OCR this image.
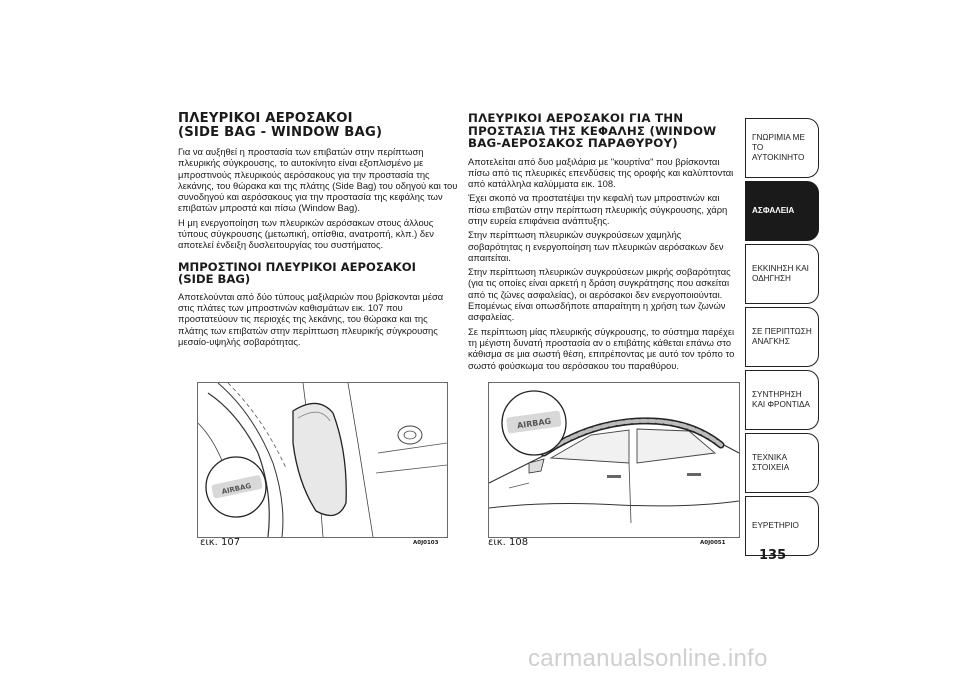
ΠΛΕΥΡΙΚΟΙ ΑΕΡΟΣΑΚΟΙ
(SIDE BAG - WINDOW BAG)

Για να αυξηθεί η προστασία των επιβατών στην περίπτωση πλευρικής σύγκρουσης, το αυτοκίνητο είναι εξοπλισμένο με μπροστινούς πλευρικούς αερόσακους για την προστασία της λεκάνης, του θώρακα και της πλάτης (Side Bag) του οδηγού και του συνοδηγού και αερόσακους για την προστασία της κεφάλης των επιβατών μπροστά και πίσω (Window Bag).

Η μη ενεργοποίηση των πλευρικών αερόσακων στους άλλους τύπους σύγκρουσης (μετωπική, οπίσθια, ανατροπή, κλπ.) δεν αποτελεί ένδειξη δυσλειτουργίας του συστήματος.

ΜΠΡΟΣΤΙΝΟΙ ΠΛΕΥΡΙΚΟΙ ΑΕΡΟΣΑΚΟΙ
(SIDE BAG)

Αποτελούνται από δύο τύπους μαξιλαριών που βρίσκονται μέσα στις πλάτες των μπροστινών καθισμάτων εικ. 107 που προστατεύουν τις περιοχές της λεκάνης, του θώρακα και της πλάτης των επιβατών στην περίπτωση πλευρικής σύγκρουσης μεσαίο-υψηλής σοβαρότητας.

AIRBAG
εικ. 107	A0J0103
ΠΛΕΥΡΙΚΟΙ ΑΕΡΟΣΑΚΟΙ ΓΙΑ ΤΗΝ
ΠΡΟΣΤΑΣΙΑ ΤΗΣ ΚΕΦΑΛΗΣ (WINDOW
BAG-ΑΕΡΟΣΑΚΟΣ ΠΑΡΑΘΥΡΟΥ)

Αποτελείται από δυο μαξιλάρια με "κουρτίνα" που βρίσκονται πίσω από τις πλευρικές επενδύσεις της οροφής και καλύπτονται από κατάλληλα καλύμματα εικ. 108.

Έχει σκοπό να προστατέψει την κεφαλή των μπροστινών και πίσω επιβατών στην περίπτωση πλευρικής σύγκρουσης, χάρη στην ευρεία επιφάνεια ανάπτυξης.

Στην περίπτωση πλευρικών συγκρούσεων χαμηλής σοβαρότητας η ενεργοποίηση των πλευρικών αερόσακων δεν απαιτείται.

Στην περίπτωση πλευρικών συγκρούσεων μικρής σοβαρότητας (για τις οποίες είναι αρκετή η δράση συγκράτησης που ασκείται από τις ζώνες ασφαλείας), οι αερόσακοι δεν ενεργοποιούνται. Επομένως είναι οπωσδήποτε απαραίτητη η χρήση των ζωνών ασφαλείας.

Σε περίπτωση μίας πλευρικής σύγκρουσης, το σύστημα παρέχει τη μέγιστη δυνατή προστασία αν ο επιβάτης κάθεται επάνω στο κάθισμα σε μια σωστή θέση, επιτρέποντας με αυτό τον τρόπο το σωστό φούσκωμα του αερόσακου του παραθύρου.

AIRBAG
εικ. 108	A0J0051
ΓΝΩΡΙΜΙΑ ΜΕ ΤΟ ΑΥΤΟΚΙΝΗΤΟ
ΑΣΦΑΛΕΙΑ
ΕΚΚΙΝΗΣΗ ΚΑΙ ΟΔΗΓΗΣΗ
ΣΕ ΠΕΡΙΠΤΩΣΗ ΑΝΑΓΚΗΣ
ΣΥΝΤΗΡΗΣΗ ΚΑΙ ΦΡΟΝΤΙΔΑ
ΤΕΧΝΙΚΑ ΣΤΟΙΧΕΙΑ
ΕΥΡΕΤΗΡΙΟ
135
carmanualsonline.info
